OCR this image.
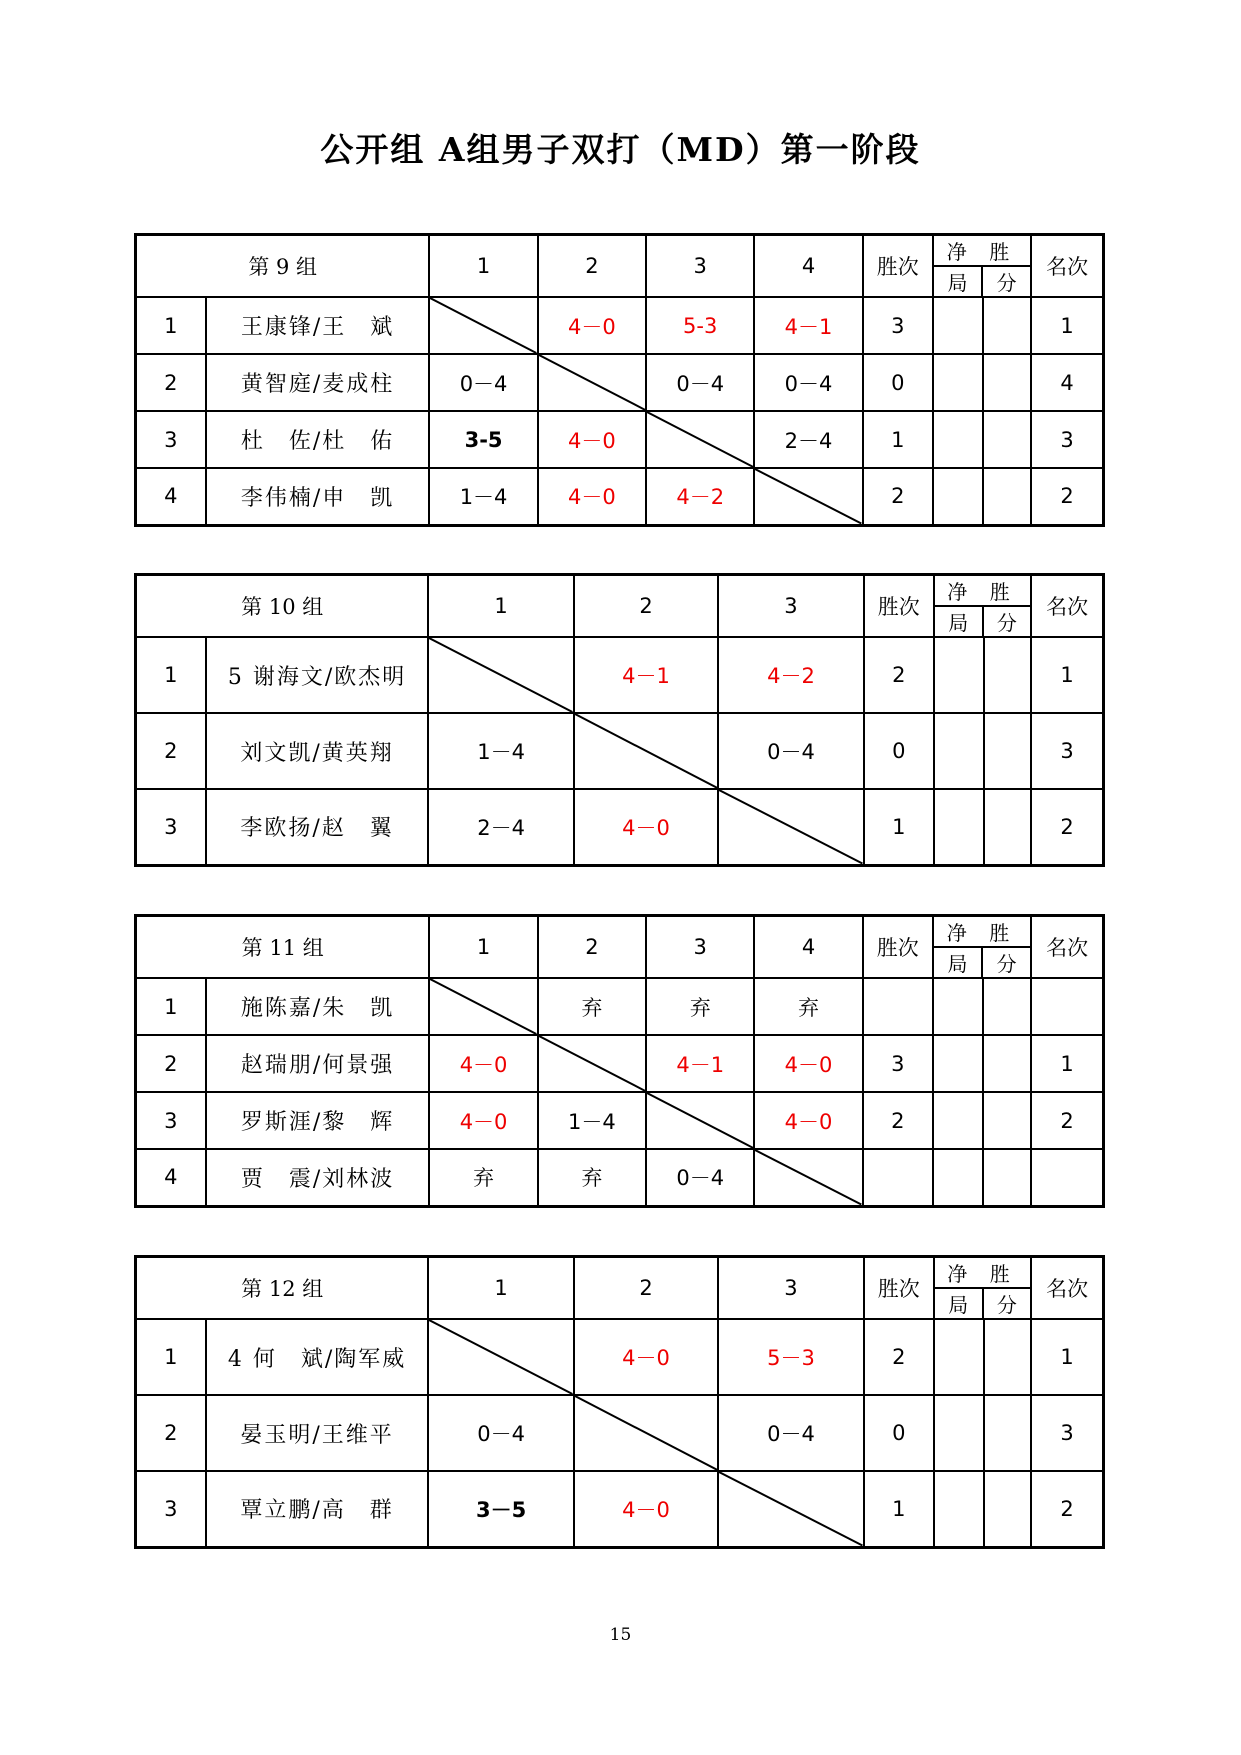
公开组 A组男子双打（MD）第一阶段
第 9 组		1	2	3	4	胜次	净 胜
局 分		名次
1	王康锋/王　斌		4－0	5-3	4－1	3			1
2	黄智庭/麦成柱	0－4		0－4	0－4	0			4
3	杜　佐/杜　佑	3-5	4－0		2－4	1			3
4	李伟楠/申　凯	1－4	4－0	4－2		2			2
第 10 组		1	2	3	胜次	净 胜
局 分		名次
1	5 谢海文/欧杰明		4－1	4－2	2			1
2	刘文凯/黄英翔	1－4		0－4	0			3
3	李欧扬/赵　翼	2－4	4－0		1			2
第 11 组		1	2	3	4	胜次	净 胜
局 分		名次
1	施陈嘉/朱　凯		弃	弃	弃				
2	赵瑞朋/何景强	4－0		4－1	4－0	3			1
3	罗斯涯/黎　辉	4－0	1－4		4－0	2			2
4	贾　震/刘林波	弃	弃	0－4	

第 12 组		1	2	3	胜次	净 胜
局 分		名次
1	4 何　斌/陶军威		4－0	5－3	2			1
2	晏玉明/王维平	0－4		0－4	0			3
3	覃立鹏/高　群	3－5	4－0		1			2
15
